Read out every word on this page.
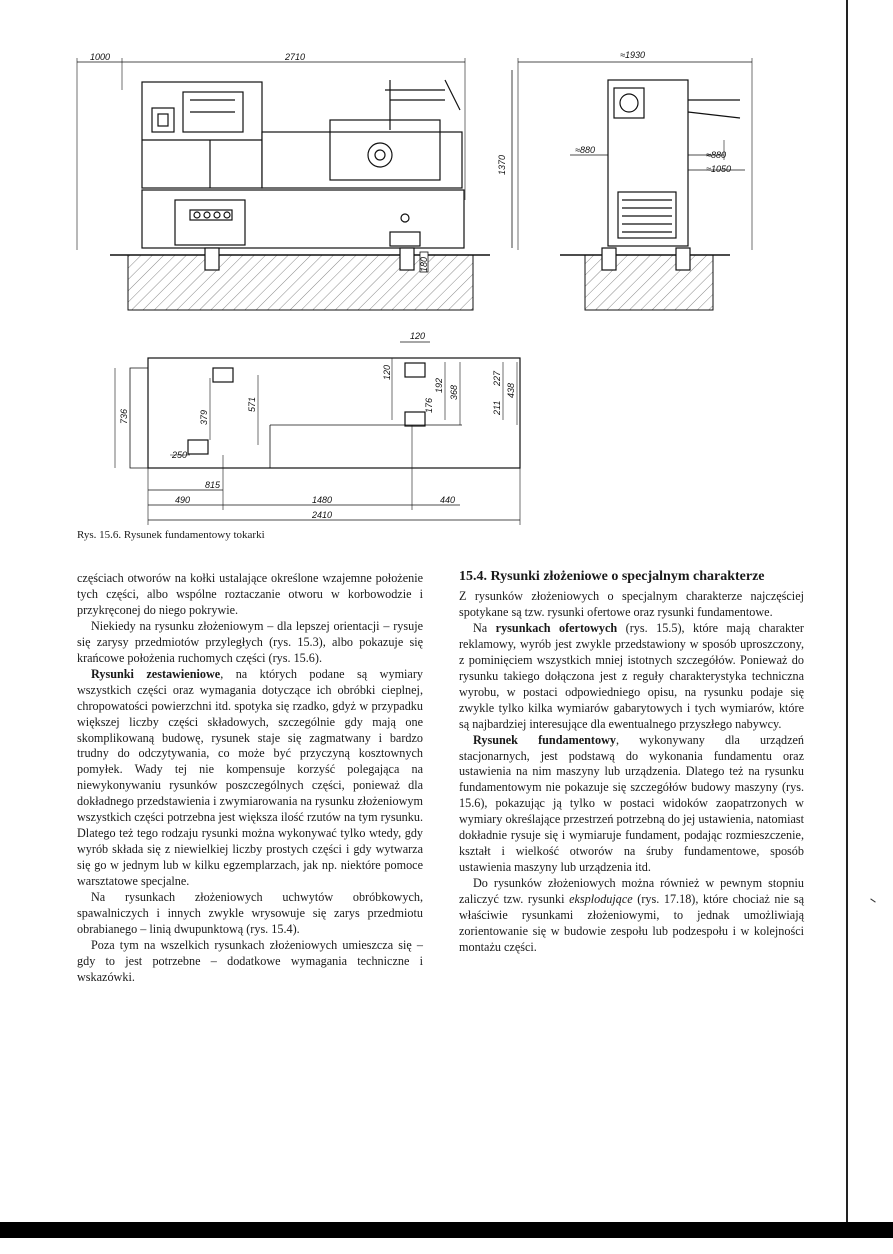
1000	2710	≈1930
1370
≈880	≈880
≈1050
180
120
120
192
176
368
227
438
211
736	379
571
250
815
490	1480	440
2410
Rys. 15.6. Rysunek fundamentowy tokarki

częściach otworów na kołki ustalające określone wzajemne położenie tych części, albo wspólne roztaczanie otworu w korbowodzie i przykręconej do niego pokrywie.

Niekiedy na rysunku złożeniowym – dla lepszej orientacji – rysuje się zarysy przedmiotów przyległych (rys. 15.3), albo pokazuje się krańcowe położenia ruchomych części (rys. 15.6).

Rysunki zestawieniowe, na których podane są wymiary wszystkich części oraz wymagania dotyczące ich obróbki cieplnej, chropowatości powierzchni itd. spotyka się rzadko, gdyż w przypadku większej liczby części składowych, szczególnie gdy mają one skomplikowaną budowę, rysunek staje się zagmatwany i bardzo trudny do odczytywania, co może być przyczyną kosztownych pomyłek. Wady tej nie kompensuje korzyść polegająca na niewykonywaniu rysunków poszczególnych części, ponieważ dla dokładnego przedstawienia i zwymiarowania na rysunku złożeniowym wszystkich części potrzebna jest większa ilość rzutów na tym rysunku. Dlatego też tego rodzaju rysunki można wykonywać tylko wtedy, gdy wyrób składa się z niewielkiej liczby prostych części i gdy wytwarza się go w jednym lub w kilku egzemplarzach, jak np. niektóre pomoce warsztatowe specjalne.

Na rysunkach złożeniowych uchwytów obróbkowych, spawalniczych i innych zwykle wrysowuje się zarys przedmiotu obrabianego – linią dwupunktową (rys. 15.4).

Poza tym na wszelkich rysunkach złożeniowych umieszcza się – gdy to jest potrzebne – dodatkowe wymagania techniczne i wskazówki.

15.4. Rysunki złożeniowe o specjalnym charakterze

Z rysunków złożeniowych o specjalnym charakterze najczęściej spotykane są tzw. rysunki ofertowe oraz rysunki fundamentowe.

Na rysunkach ofertowych (rys. 15.5), które mają charakter reklamowy, wyrób jest zwykle przedstawiony w sposób uproszczony, z pominięciem wszystkich mniej istotnych szczegółów. Ponieważ do rysunku takiego dołączona jest z reguły charakterystyka techniczna wyrobu, w postaci odpowiedniego opisu, na rysunku podaje się zwykle tylko kilka wymiarów gabarytowych i tych wymiarów, które są najbardziej interesujące dla ewentualnego przyszłego nabywcy.

Rysunek fundamentowy, wykonywany dla urządzeń stacjonarnych, jest podstawą do wykonania fundamentu oraz ustawienia na nim maszyny lub urządzenia. Dlatego też na rysunku fundamentowym nie pokazuje się szczegółów budowy maszyny (rys. 15.6), pokazując ją tylko w postaci widoków zaopatrzonych w wymiary określające przestrzeń potrzebną do jej ustawienia, natomiast dokładnie rysuje się i wymiaruje fundament, podając rozmieszczenie, kształt i wielkość otworów na śruby fundamentowe, sposób ustawienia maszyny lub urządzenia itd.

Do rysunków złożeniowych można również w pewnym stopniu zaliczyć tzw. rysunki eksplodujące (rys. 17.18), które chociaż nie są właściwie rysunkami złożeniowymi, to jednak umożliwiają zorientowanie się w budowie zespołu lub podzespołu i w kolejności montażu części.
